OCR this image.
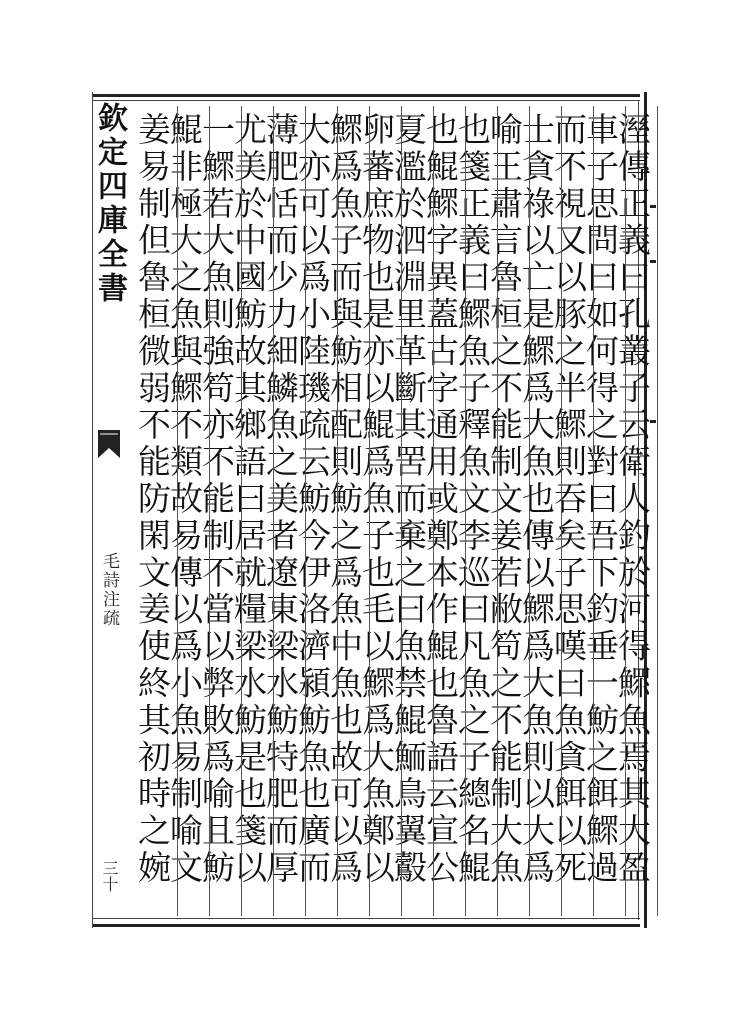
欽定四庫全書
毛詩注疏
三十	溼傳正義曰孔叢子云衛人釣於河得鰥魚焉其大盈
車子思問曰如何得之對曰吾下釣垂一魴之餌鰥過
而不視又以豚之半鰥則吞矣子思嘆曰魚貪餌以死
士貪祿以亡是鰥爲大魚也傳以鰥爲大魚則以大爲
喻王肅言魯桓之不能制文姜若敝笱之不能制大魚
也箋正義曰鰥魚子釋魚文李巡曰凡魚之子總名鯤
也鯤鰥字異蓋古字通用或鄭本作鯤也魯語云宣公
夏濫於泗淵里革斷其罟而棄之曰魚禁鯤鮞鳥翼鷇
卵蕃庶物也是亦以鯤爲魚子也毛以鰥爲大魚鄭以
鰥爲魚子而與魴相配則魴之爲魚中魚也故可以爲
大亦可以爲小陸璣疏云魴今伊洛濟潁魴魚也廣而
薄肥恬而少力細鱗魚之美者遼東梁水魴特肥而厚
尤美於中國魴故其鄉語曰居就糧梁水魴是也箋以
一鰥若大魚則強笱亦不能制不當以弊敗爲喻且魴
鯤非極大之魚與鰥不類故易傳以爲小魚易制喻文
姜易制但魯桓微弱不能防閑文姜使終其初時之婉
